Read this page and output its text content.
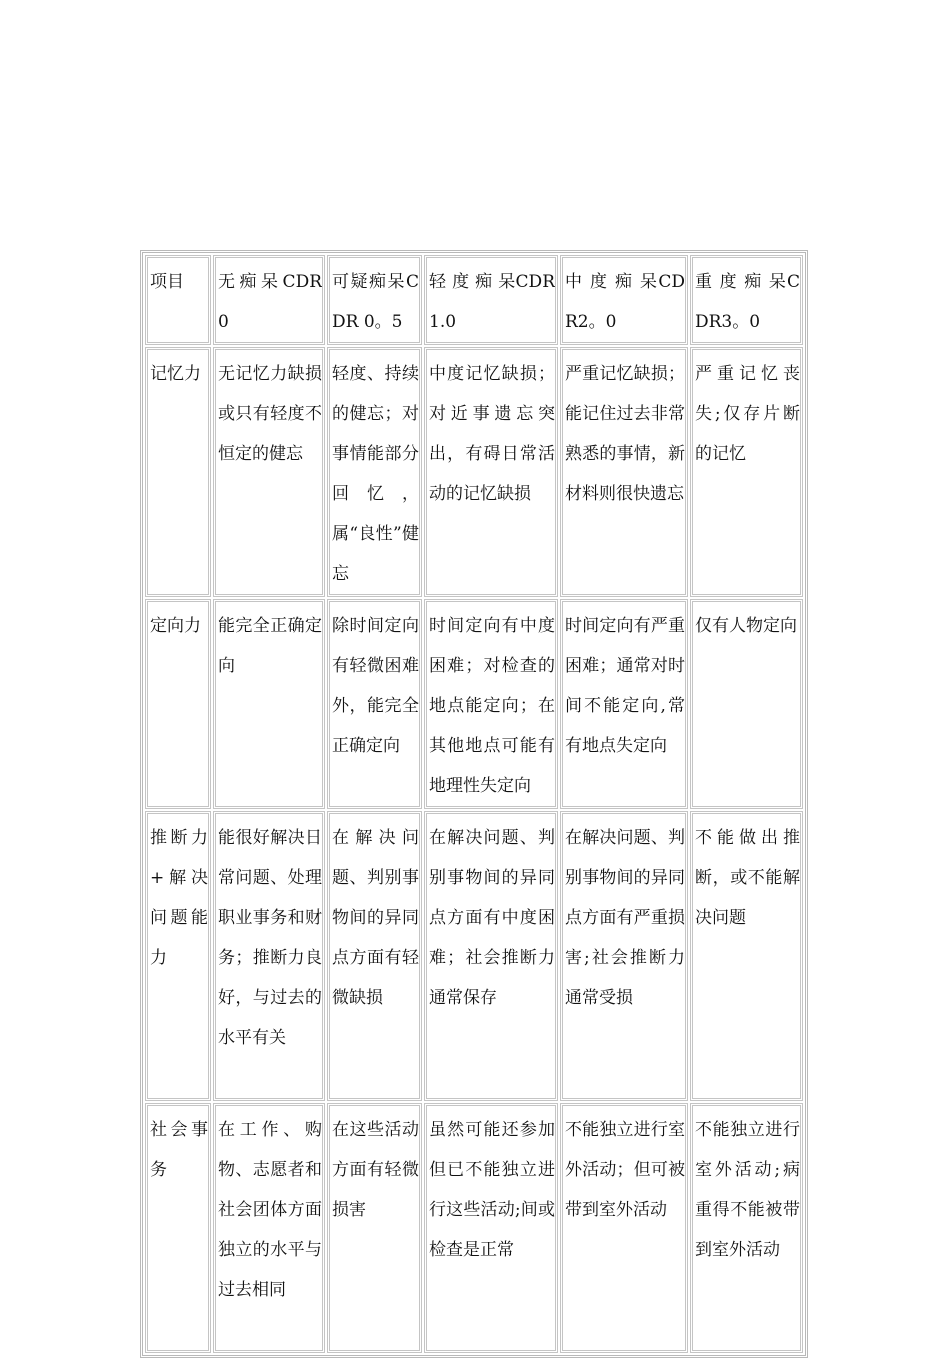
项目	无痴呆CDR 0	可疑痴呆CDR 0。5	轻 度 痴 呆CDR1.0	中 度 痴 呆CDR2。0	重 度 痴 呆CDR3。0
记忆力	无记忆力缺损或只有轻度不恒定的健忘	轻度、持续的健忘；对事情能部分回忆，属“良性”健忘	中度记忆缺损；对近事遗忘突出，有碍日常活动的记忆缺损	严重记忆缺损；能记住过去非常熟悉的事情，新材料则很快遗忘	严重记忆丧失;仅存片断的记忆
定向力	能完全正确定向	除时间定向有轻微困难外，能完全正确定向	时间定向有中度困难；对检查的地点能定向；在其他地点可能有地理性失定向	时间定向有严重困难；通常对时间不能定向,常有地点失定向	仅有人物定向
推断力+解决问题能力	能很好解决日常问题、处理职业事务和财务；推断力良好，与过去的水平有关	在解决问题、判别事物间的异同点方面有轻微缺损	在解决问题、判别事物间的异同点方面有中度困难；社会推断力通常保存	在解决问题、判别事物间的异同点方面有严重损害;社会推断力通常受损	不能做出推断，或不能解决问题
社会事务	在工作、购物、志愿者和社会团体方面独立的水平与过去相同	在这些活动方面有轻微损害	虽然可能还参加但已不能独立进行这些活动;间或检查是正常	不能独立进行室外活动；但可被带到室外活动	不能独立进行室外活动;病重得不能被带到室外活动
